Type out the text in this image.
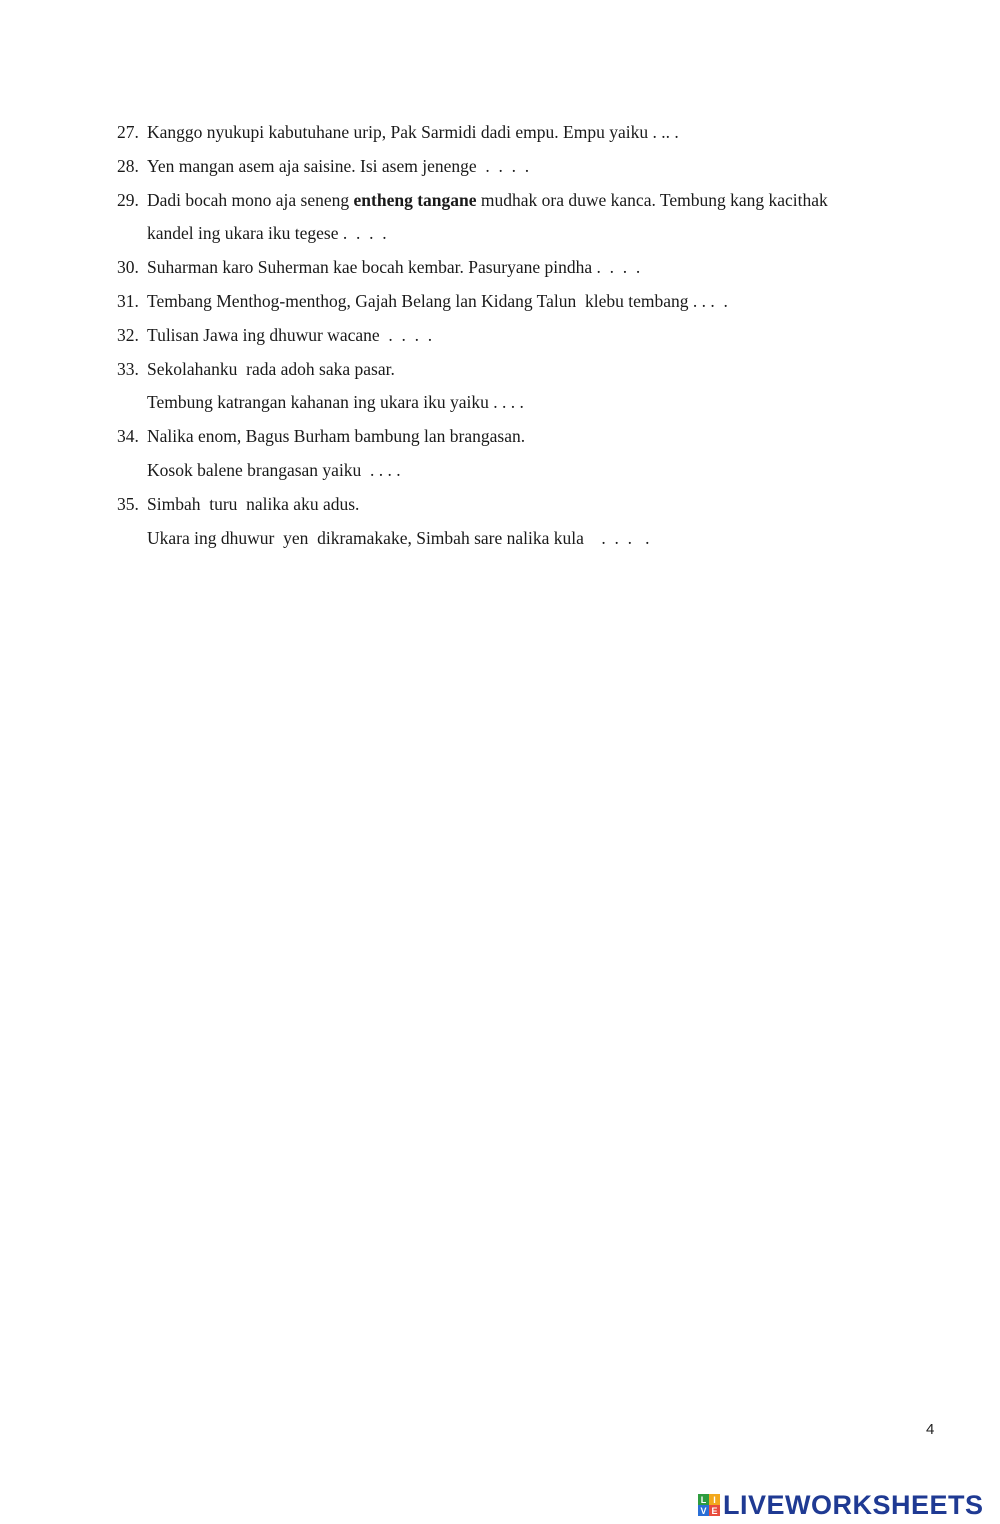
27. Kanggo nyukupi kabutuhane urip, Pak Sarmidi dadi empu. Empu yaiku . .. .
28. Yen mangan asem aja saisine. Isi asem jenenge  .  .  .  .
29. Dadi bocah mono aja seneng entheng tangane mudhak ora duwe kanca. Tembung kang kacithak
kandel ing ukara iku tegese .  .  .  .
30. Suharman karo Suherman kae bocah kembar. Pasuryane pindha .  .  .  .
31. Tembang Menthog-menthog, Gajah Belang lan Kidang Talun  klebu tembang . . .  .
32. Tulisan Jawa ing dhuwur wacane  .  .  .  .
33. Sekolahanku  rada adoh saka pasar.
Tembung katrangan kahanan ing ukara iku yaiku . . . .
34. Nalika enom, Bagus Burham bambung lan brangasan.
Kosok balene brangasan yaiku  . . . .
35. Simbah  turu  nalika aku adus.
Ukara ing dhuwur  yen  dikramakake, Simbah sare nalika kula    .  .  .   .
4
L I
V E LIVEWORKSHEETS
